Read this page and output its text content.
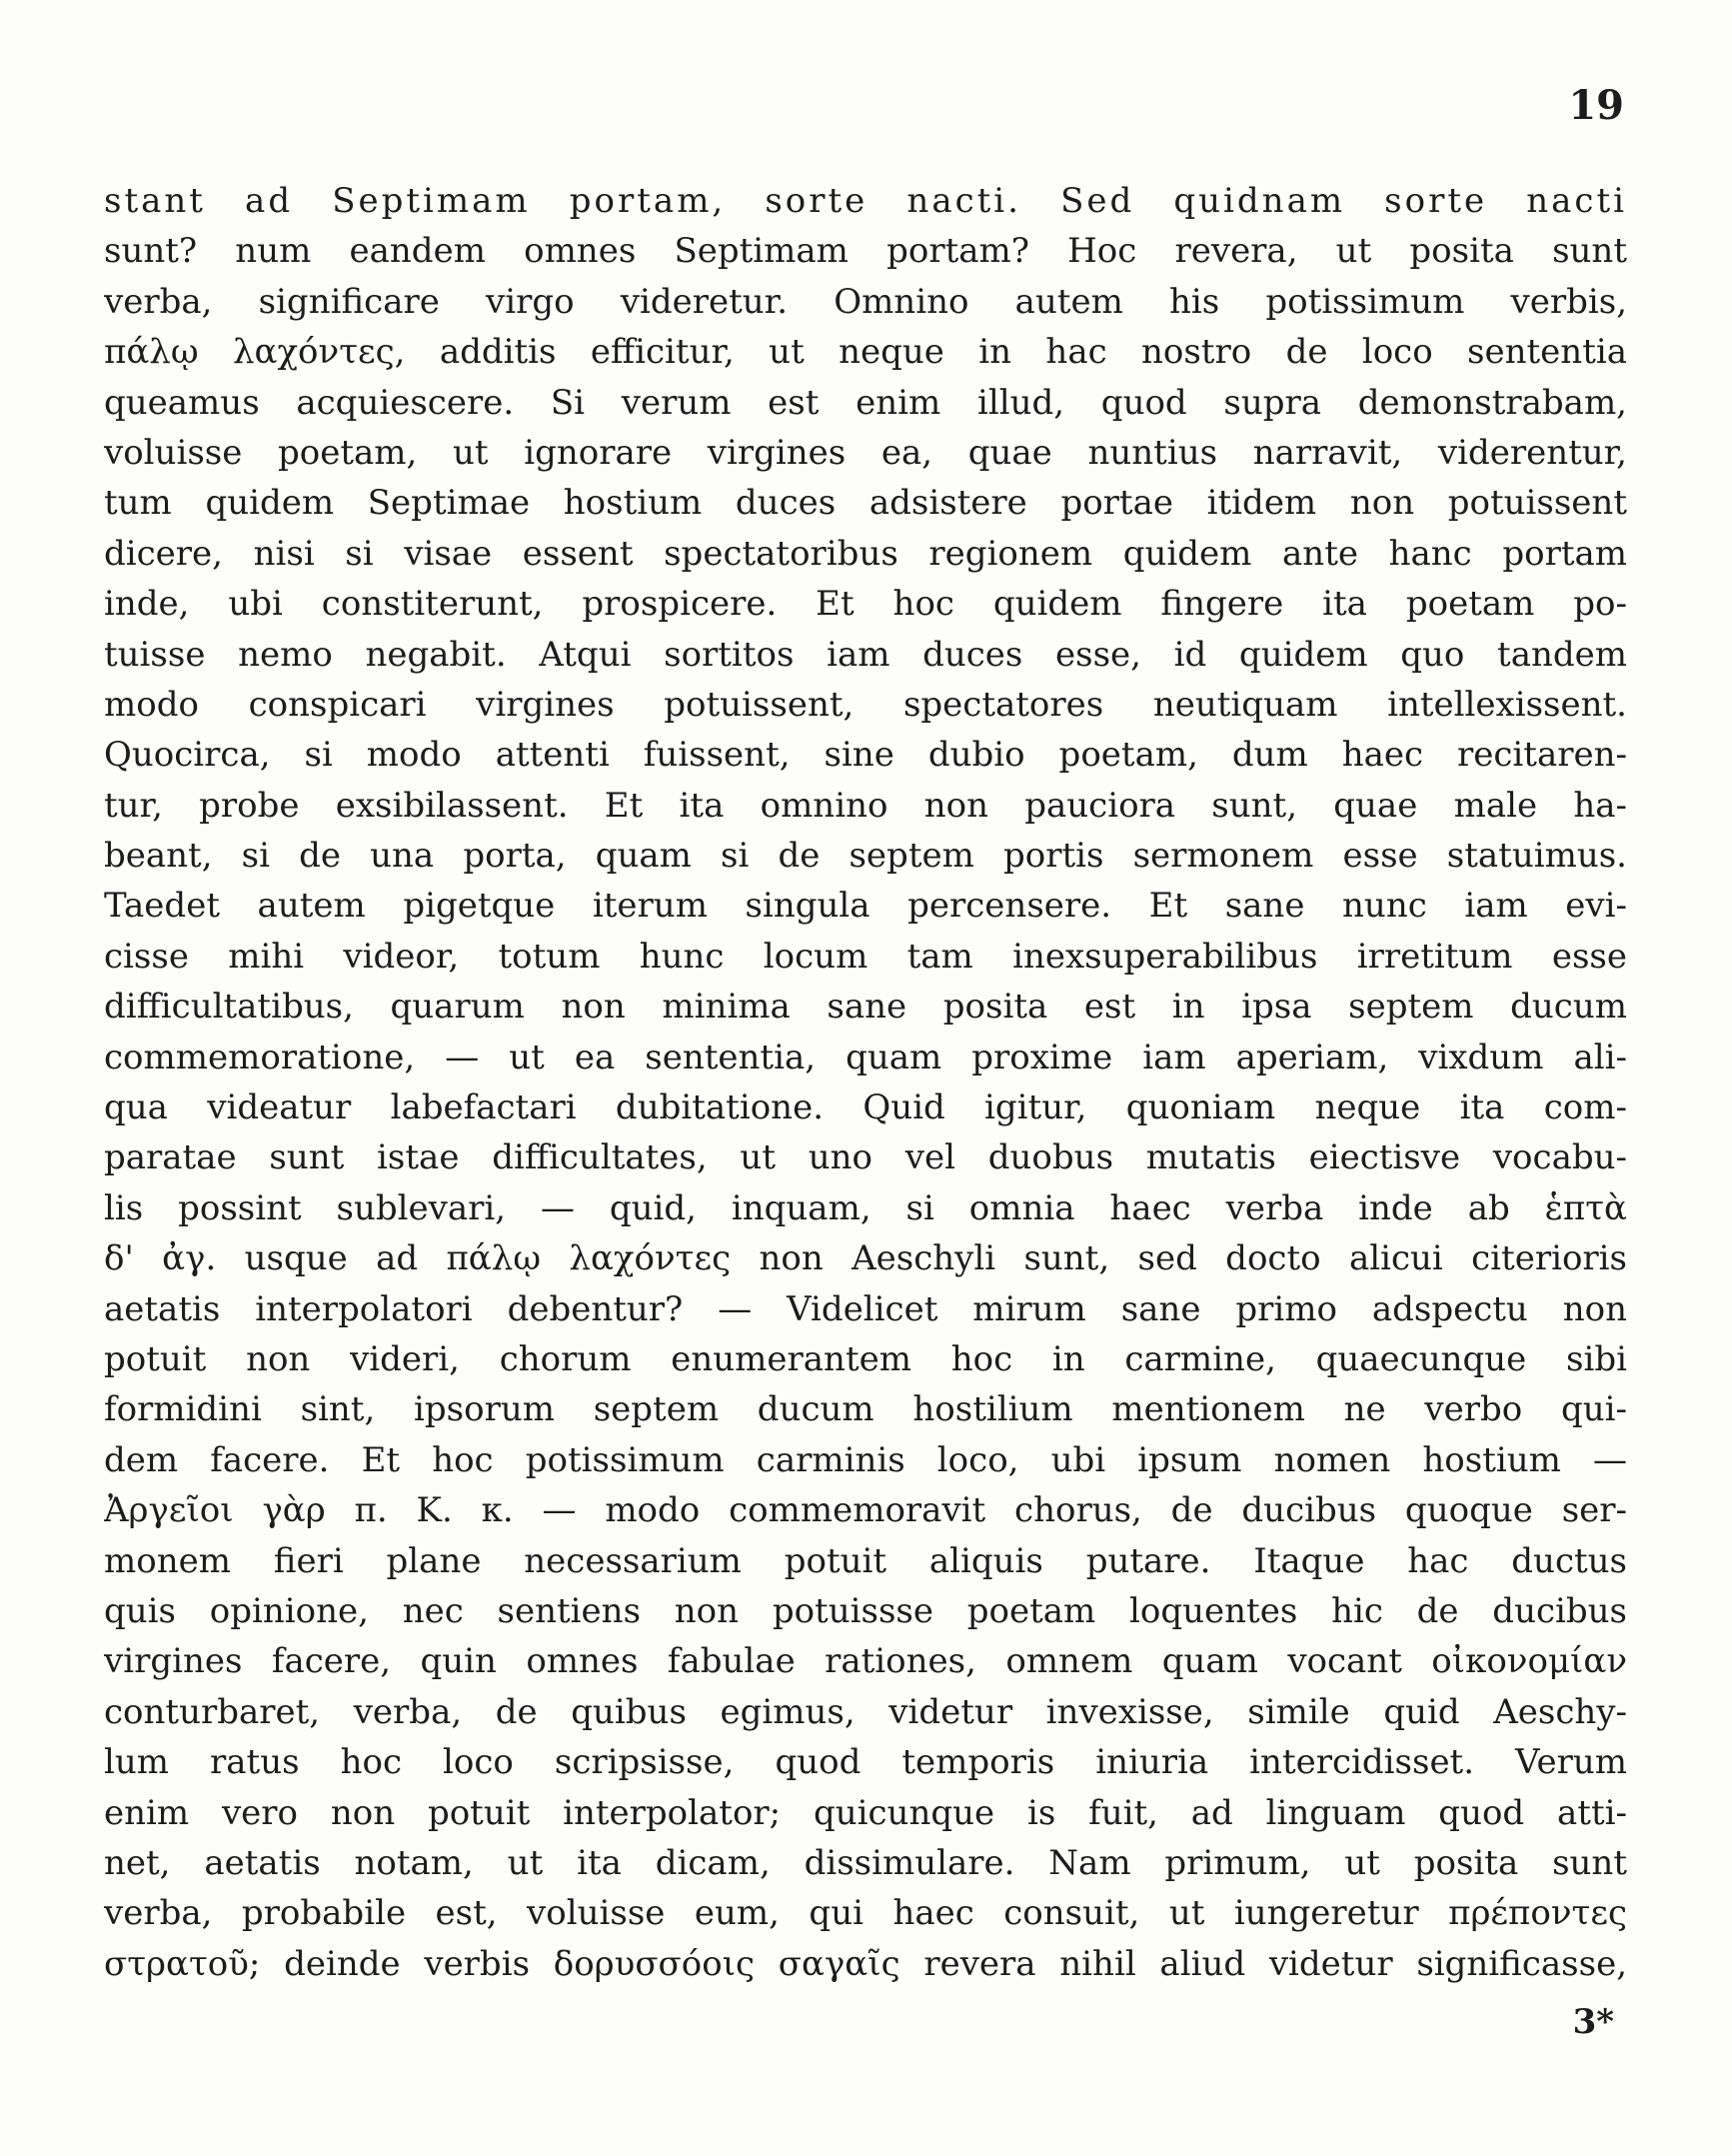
19
stant ad Septimam portam, sorte nacti. Sed quidnam sorte nacti
sunt? num eandem omnes Septimam portam? Hoc revera, ut posita sunt
verba, significare virgo videretur. Omnino autem his potissimum verbis,
πάλῳ λαχόντες, additis efficitur, ut neque in hac nostro de loco sententia
queamus acquiescere. Si verum est enim illud, quod supra demonstrabam,
voluisse poetam, ut ignorare virgines ea, quae nuntius narravit, viderentur,
tum quidem Septimae hostium duces adsistere portae itidem non potuissent
dicere, nisi si visae essent spectatoribus regionem quidem ante hanc portam
inde, ubi constiterunt, prospicere. Et hoc quidem fingere ita poetam po-
tuisse nemo negabit. Atqui sortitos iam duces esse, id quidem quo tandem
modo conspicari virgines potuissent, spectatores neutiquam intellexissent.
Quocirca, si modo attenti fuissent, sine dubio poetam, dum haec recitaren-
tur, probe exsibilassent. Et ita omnino non pauciora sunt, quae male ha-
beant, si de una porta, quam si de septem portis sermonem esse statuimus.
Taedet autem pigetque iterum singula percensere. Et sane nunc iam evi-
cisse mihi videor, totum hunc locum tam inexsuperabilibus irretitum esse
difficultatibus, quarum non minima sane posita est in ipsa septem ducum
commemoratione, — ut ea sententia, quam proxime iam aperiam, vixdum ali-
qua videatur labefactari dubitatione. Quid igitur, quoniam neque ita com-
paratae sunt istae difficultates, ut uno vel duobus mutatis eiectisve vocabu-
lis possint sublevari, — quid, inquam, si omnia haec verba inde ab ἑπτὰ
δ' ἀγ. usque ad πάλῳ λαχόντες non Aeschyli sunt, sed docto alicui citerioris
aetatis interpolatori debentur? — Videlicet mirum sane primo adspectu non
potuit non videri, chorum enumerantem hoc in carmine, quaecunque sibi
formidini sint, ipsorum septem ducum hostilium mentionem ne verbo qui-
dem facere. Et hoc potissimum carminis loco, ubi ipsum nomen hostium —
Ἀργεῖοι γὰρ π. Κ. κ. — modo commemoravit chorus, de ducibus quoque ser-
monem fieri plane necessarium potuit aliquis putare. Itaque hac ductus
quis opinione, nec sentiens non potuissse poetam loquentes hic de ducibus
virgines facere, quin omnes fabulae rationes, omnem quam vocant οἰκονομίαν
conturbaret, verba, de quibus egimus, videtur invexisse, simile quid Aeschy-
lum ratus hoc loco scripsisse, quod temporis iniuria intercidisset. Verum
enim vero non potuit interpolator; quicunque is fuit, ad linguam quod atti-
net, aetatis notam, ut ita dicam, dissimulare. Nam primum, ut posita sunt
verba, probabile est, voluisse eum, qui haec consuit, ut iungeretur πρέποντες
στρατοῦ; deinde verbis δορυσσόοις σαγαῖς revera nihil aliud videtur significasse,
3*
